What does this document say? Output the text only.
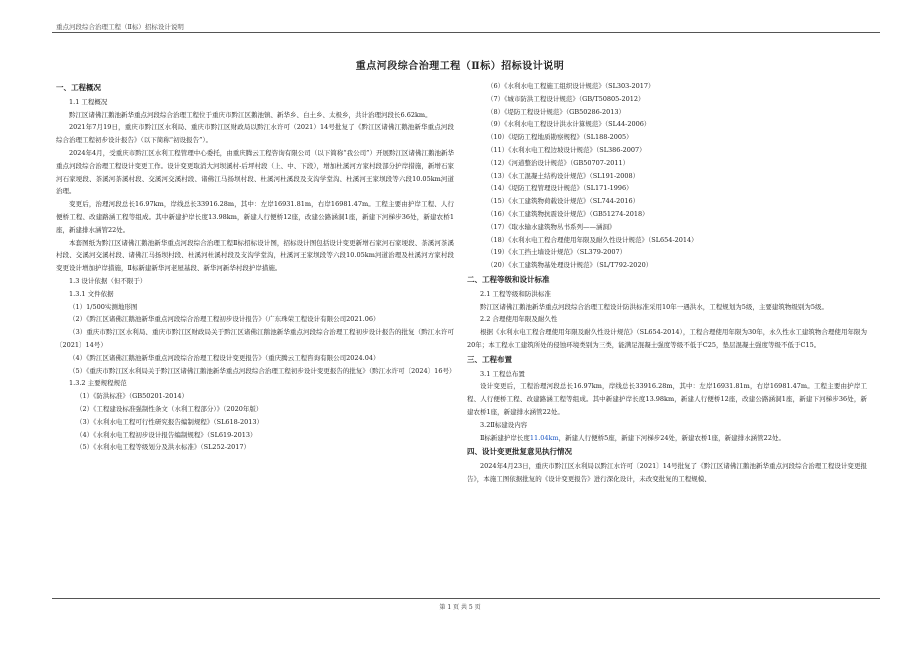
重点河段综合治理工程（Ⅱ标）招标设计说明
重点河段综合治理工程（Ⅱ标）招标设计说明
一、工程概况
1.1 工程概况
黔江区诸佛江鹅池新华重点河段综合治理工程位于重庆市黔江区鹅池镇、新华乡、白土乡、太极乡，共计治理河段长6.62km。
2021年7月19日，重庆市黔江区水利局、重庆市黔江区财政局以黔江水许可（2021）14号批复了《黔江区诸佛江鹅池新华重点河段综合治理工程初步设计报告》（以下简称“初设报告”）。
2024年4月，受重庆市黔江区水利工程管理中心委托，由重庆腾云工程咨询有限公司（以下简称“我公司”）开展黔江区诸佛江鹅池新华重点河段综合治理工程设计变更工作。设计变更取消大河坝溪村-后坪村段（上、中、下段），增加杜溪河方家村段部分护岸措施，新增石家河石家埂段、茶溪河茶溪村段、交溪河交溪村段、诸佛江马扬坝村段、杜溪河杜溪段及支沟学堂沟、杜溪河王家坝段等六段10.05km河道治理。
变更后，治理河段总长16.97km，岸线总长33916.28m，其中：左岸16931.81m，右岸16981.47m。工程主要由护岸工程、人行便桥工程、改建路涵工程等组成。其中新建护岸长度13.98km，新建人行便桥12座，改建公路涵洞1座，新建下河梯步36处，新建农桥1座，新建排水涵管22处。
本套图纸为黔江区诸佛江鹅池新华重点河段综合治理工程Ⅱ标招标设计图，招标设计图包括设计变更新增石家河石家埂段、茶溪河茶溪村段、交溪河交溪村段、诸佛江马扬坝村段、杜溪河杜溪村段及支沟学堂沟，杜溪河王家坝段等六段10.05km河道治理及杜溪河方家村段变更设计增加护岸措施，Ⅱ标新建新华河老屋基段、新华河新华村段护岸措施。
1.3 设计依据（但不限于）
1.3.1 文件依据
（1）1/500实测地形图
（2）《黔江区诸佛江鹅池新华重点河段综合治理工程初步设计报告》（广东珠荣工程设计有限公司2021.06）
（3）重庆市黔江区水利局、重庆市黔江区财政局关于黔江区诸佛江鹅池新华重点河段综合治理工程初步设计报告的批复（黔江水许可〔2021〕14号）
（4）《黔江区诸佛江鹅池新华重点河段综合治理工程设计变更报告》（重庆腾云工程咨询有限公司2024.04）
（5）《重庆市黔江区水利局关于黔江区诸佛江鹅池新华重点河段综合治理工程初步设计变更报告的批复》（黔江水许可〔2024〕16号）
1.3.2 主要规程规范
（1）《防洪标准》（GB50201-2014）
（2）《工程建设标准强制性条文（水利工程部分）》（2020年版）
（3）《水利水电工程可行性研究报告编制规程》（SL618-2013）
（4）《水利水电工程初步设计报告编制规程》（SL619-2013）
（5）《水利水电工程等级划分及洪水标准》（SL252-2017）
（6）《水利水电工程施工组织设计规范》（SL303-2017）
（7）《城市防洪工程设计规范》（GB/T50805-2012）
（8）《堤防工程设计规范》（GB50286-2013）
（9）《水利水电工程设计洪水计算规范》（SL44-2006）
（10）《堤防工程地质勘察规程》（SL188-2005）
（11）《水利水电工程边坡设计规范》（SL386-2007）
（12）《河道整治设计规范》（GB50707-2011）
（13）《水工混凝土结构设计规范》（SL191-2008）
（14）《堤防工程管理设计规范》（SL171-1996）
（15）《水工建筑物荷载设计规范》（SL744-2016）
（16）《水工建筑物抗震设计规范》（GB51274-2018）
（17）《取水输水建筑物丛书系列——涵洞》
（18）《水利水电工程合理使用年限及耐久性设计规范》（SL654-2014）
（19）《水工挡土墙设计规范》（SL379-2007）
（20）《水工建筑物基处理设计规范》（SL/T792-2020）
二、工程等级和设计标准
2.1 工程等级和防洪标准
黔江区诸佛江鹅池新华重点河段综合治理工程设计防洪标准采用10年一遇洪水，工程规划为5级，主要建筑物级别为5级。
2.2 合理使用年限及耐久性
根据《水利水电工程合理使用年限及耐久性设计规范》（SL654-2014），工程合理使用年限为30年，永久性水工建筑物合理使用年限为20年；本工程水工建筑所处的侵蚀环境类别为三类，能满足混凝土强度等级不低于C25，垫层混凝土强度等级不低于C15。
三、工程布置
3.1 工程总布置
设计变更后，工程治理河段总长16.97km，岸线总长33916.28m，其中：左岸16931.81m，右岸16981.47m。工程主要由护岸工程、人行便桥工程、改建路涵工程等组成。其中新建护岸长度13.98km，新建人行便桥12座，改建公路涵洞1座，新建下河梯步36处，新建农桥1座，新建排水涵管22处。
3.2Ⅱ标建设内容
Ⅱ标新建护岸长度11.04km，新建人行便桥5座，新建下河梯步24处，新建农桥1座，新建排水涵管22处。
四、设计变更批复意见执行情况
2024年4月23日，重庆市黔江区水利局以黔江水许可〔2021〕14号批复了《黔江区诸佛江鹅池新华重点河段综合治理工程设计变更报告》，本施工图依据批复的《设计变更报告》进行深化设计，未改变批复的工程规模、
第 1 页 共 5 页
